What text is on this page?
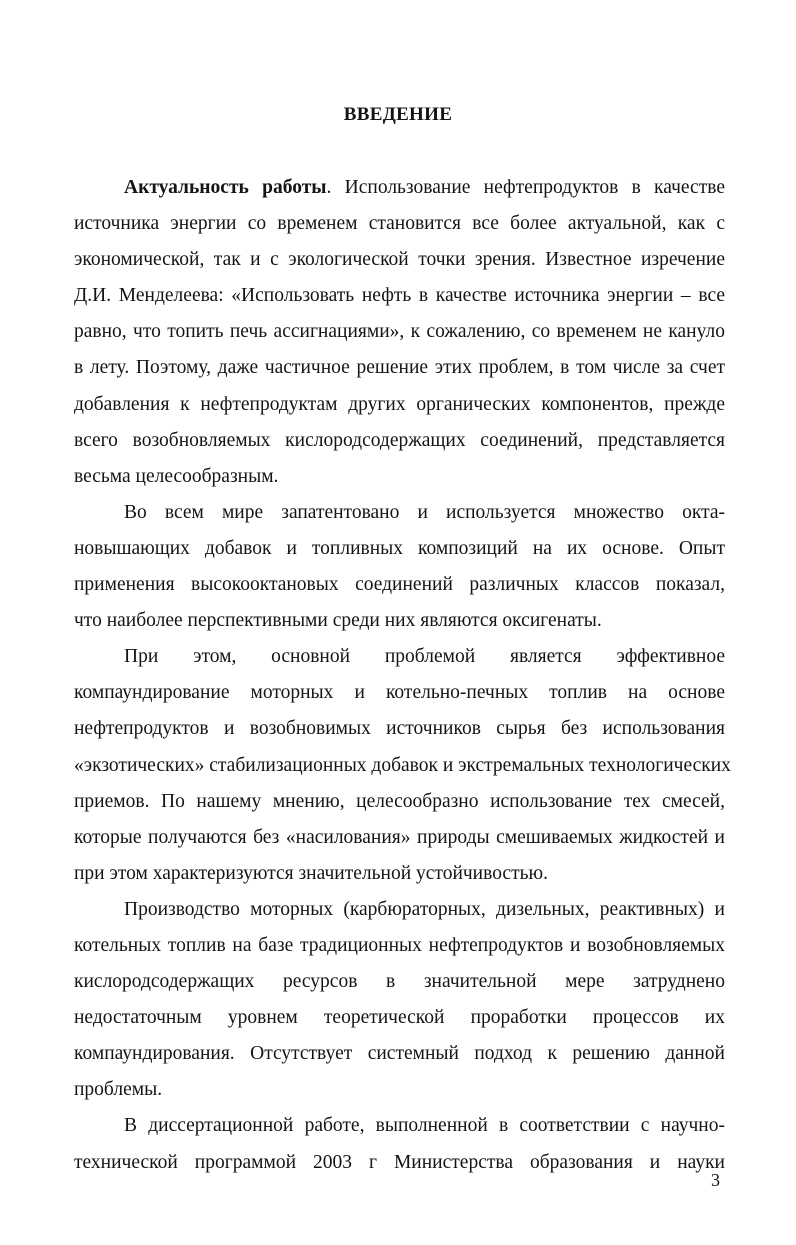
ВВЕДЕНИЕ

Актуальность работы. Использование нефтепродуктов в качестве
источника энергии со временем становится все более актуальной, как с
экономической, так и с экологической точки зрения. Известное изречение
Д.И. Менделеева: «Использовать нефть в качестве источника энергии – все
равно, что топить печь ассигнациями», к сожалению, со временем не кануло
в лету. Поэтому, даже частичное решение этих проблем, в том числе за счет
добавления к нефтепродуктам других органических компонентов, прежде
всего возобновляемых кислородсодержащих соединений, представляется
весьма целесообразным.

Во всем мире запатентовано и используется множество окта-
новышающих добавок и топливных композиций на их основе. Опыт
применения высокооктановых соединений различных классов показал,
что наиболее перспективными среди них являются оксигенаты.

При этом, основной проблемой является эффективное
компаундирование моторных и котельно-печных топлив на основе
нефтепродуктов и возобновимых источников сырья без использования
«экзотических» стабилизационных добавок и экстремальных технологических
приемов. По нашему мнению, целесообразно использование тех смесей,
которые получаются без «насилования» природы смешиваемых жидкостей и
при этом характеризуются значительной устойчивостью.

Производство моторных (карбюраторных, дизельных, реактивных) и
котельных топлив на базе традиционных нефтепродуктов и возобновляемых
кислородсодержащих ресурсов в значительной мере затруднено
недостаточным уровнем теоретической проработки процессов их
компаундирования. Отсутствует системный подход к решению данной
проблемы.

В диссертационной работе, выполненной в соответствии с научно-
технической программой 2003 г Министерства образования и науки

3
